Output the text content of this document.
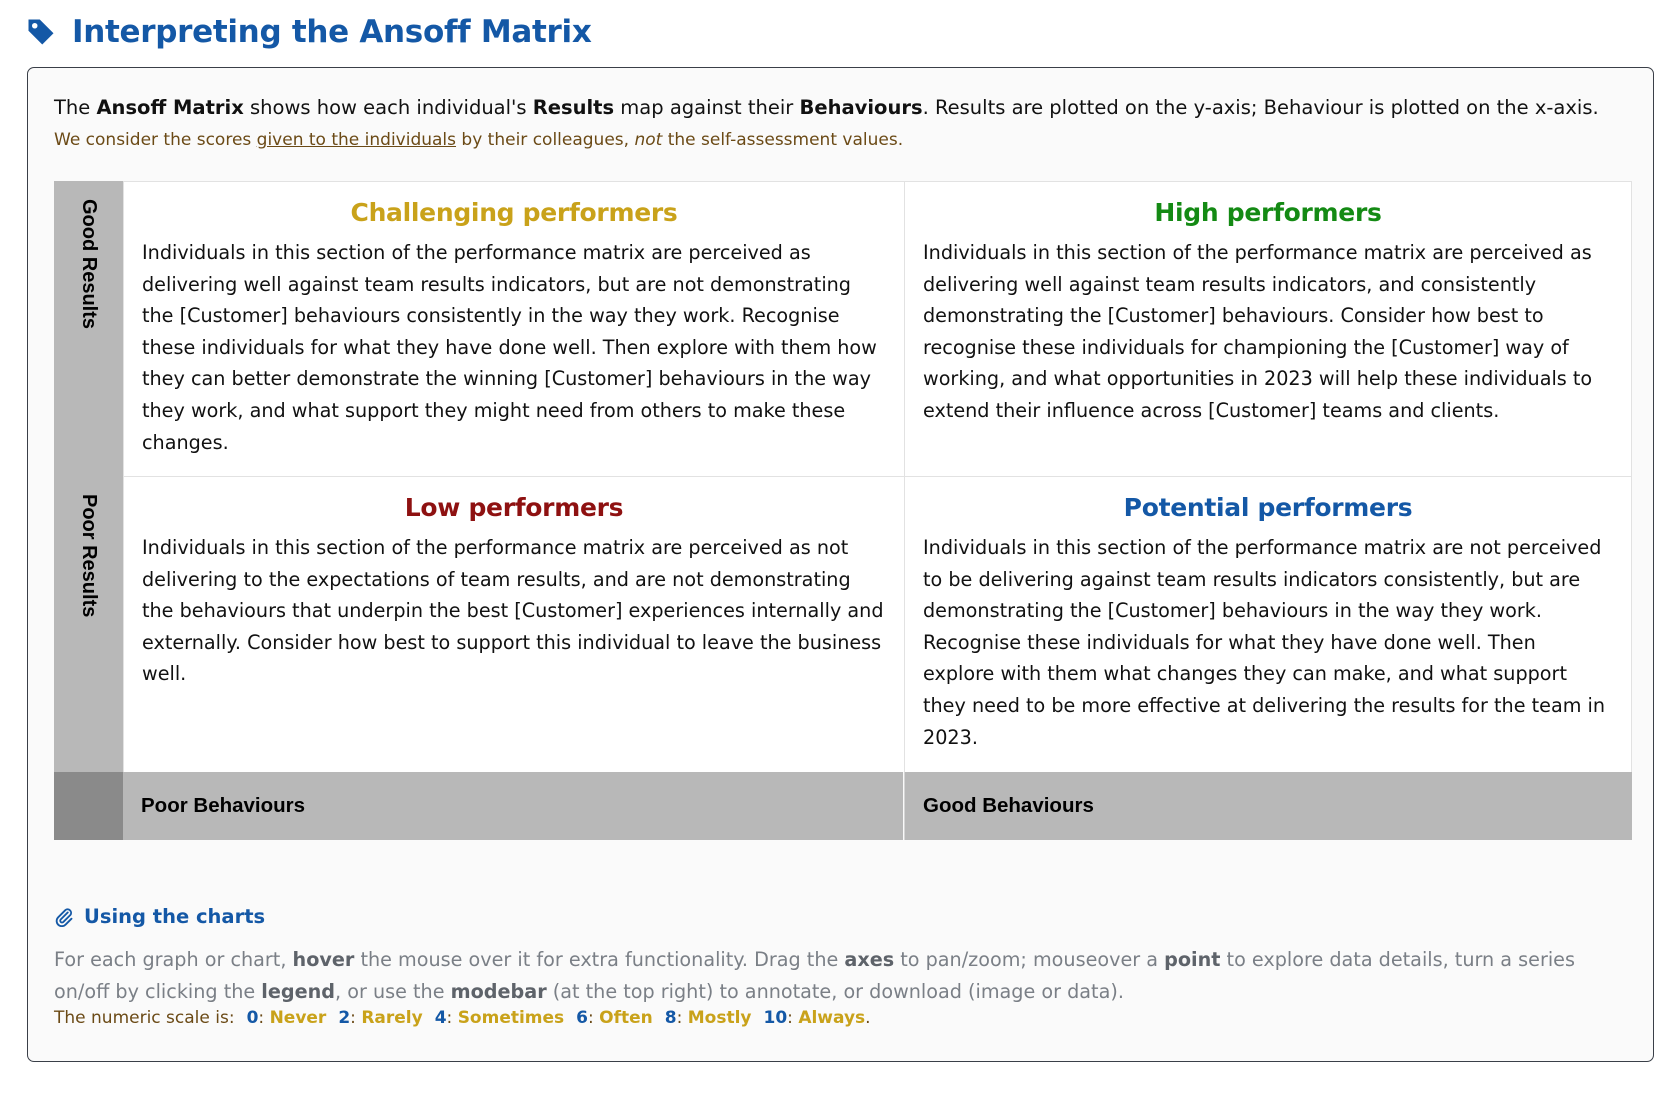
Interpreting the Ansoff Matrix
The Ansoff Matrix shows how each individual's Results map against their Behaviours. Results are plotted on the y-axis; Behaviour is plotted on the x-axis.
We consider the scores given to the individuals by their colleagues, not the self-assessment values.
Good Results
Poor Results
Challenging performers

Individuals in this section of the performance matrix are perceived as delivering well against team results indicators, but are not demonstrating the [Customer] behaviours consistently in the way they work. Recognise these individuals for what they have done well. Then explore with them how they can better demonstrate the winning [Customer] behaviours in the way they work, and what support they might need from others to make these changes.

High performers

Individuals in this section of the performance matrix are perceived as delivering well against team results indicators, and consistently demonstrating the [Customer] behaviours. Consider how best to recognise these individuals for championing the [Customer] way of working, and what opportunities in 2023 will help these individuals to extend their influence across [Customer] teams and clients.

Low performers

Individuals in this section of the performance matrix are perceived as not delivering to the expectations of team results, and are not demonstrating the behaviours that underpin the best [Customer] experiences internally and externally. Consider how best to support this individual to leave the business well.

Potential performers

Individuals in this section of the performance matrix are not perceived to be delivering against team results indicators consistently, but are demonstrating the [Customer] behaviours in the way they work. Recognise these individuals for what they have done well. Then explore with them what changes they can make, and what support they need to be more effective at delivering the results for the team in 2023.

Poor Behaviours	Good Behaviours
Using the charts
For each graph or chart, hover the mouse over it for extra functionality. Drag the axes to pan/zoom; mouseover a point to explore data details, turn a series on/off by clicking the legend, or use the modebar (at the top right) to annotate, or download (image or data).
The numeric scale is: 0: Never 2: Rarely 4: Sometimes 6: Often 8: Mostly 10: Always.
